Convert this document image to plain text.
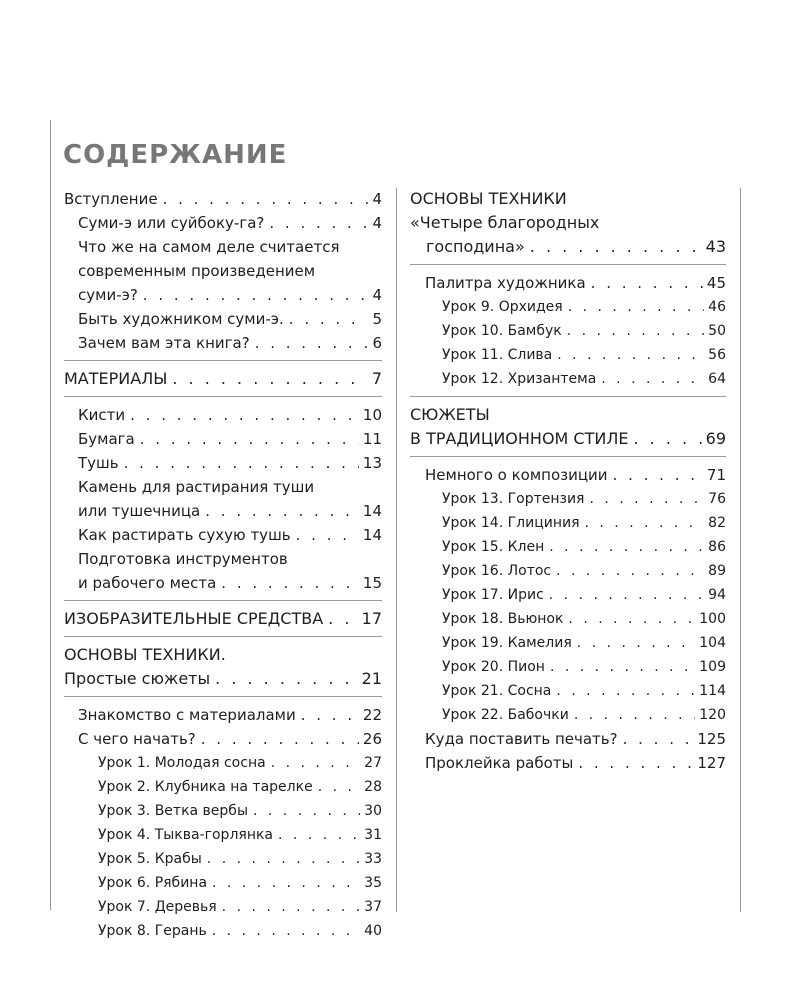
СОДЕРЖАНИЕ
Вступление . . .	4
Суми-э или суйбоку-га? . . .	4
Что же на самом деле считается
современным произведением
суми-э? . . .	4
Быть художником суми-э. . . .	5
Зачем вам эта книга? . . .	6
МАТЕРИАЛЫ . . .	7
Кисти . . .	10
Бумага . . .	11
Тушь . . .	13
Камень для растирания туши
или тушечница . . .	14
Как растирать сухую тушь . . .	14
Подготовка инструментов
и рабочего места . . .	15
ИЗОБРАЗИТЕЛЬНЫЕ СРЕДСТВА . . . 17
ОСНОВЫ ТЕХНИКИ.
Простые сюжеты . . .	21
Знакомство с материалами . . .	22
С чего начать? . . .	26
Урок 1. Молодая сосна . . .	27
Урок 2. Клубника на тарелке . . .	28
Урок 3. Ветка вербы . . .	30
Урок 4. Тыква-горлянка . . .	31
Урок 5. Крабы . . .	33
Урок 6. Рябина . . .	35
Урок 7. Деревья . . .	37
Урок 8. Герань . . .	40
ОСНОВЫ ТЕХНИКИ
«Четыре благородных
господина» . . .	43
Палитра художника . . .	45
Урок 9. Орхидея . . .	46
Урок 10. Бамбук . . .	50
Урок 11. Слива . . .	56
Урок 12. Хризантема . . .	64
СЮЖЕТЫ
В ТРАДИЦИОННОМ СТИЛЕ . . .	69
Немного о композиции . . .	71
Урок 13. Гортензия . . .	76
Урок 14. Глициния . . .	82
Урок 15. Клен . . .	86
Урок 16. Лотос . . .	89
Урок 17. Ирис . . .	94
Урок 18. Вьюнок . . .	100
Урок 19. Камелия . . .	104
Урок 20. Пион . . .	109
Урок 21. Сосна . . .	114
Урок 22. Бабочки . . .	120
Куда поставить печать? . . .	125
Проклейка работы . . .	127
